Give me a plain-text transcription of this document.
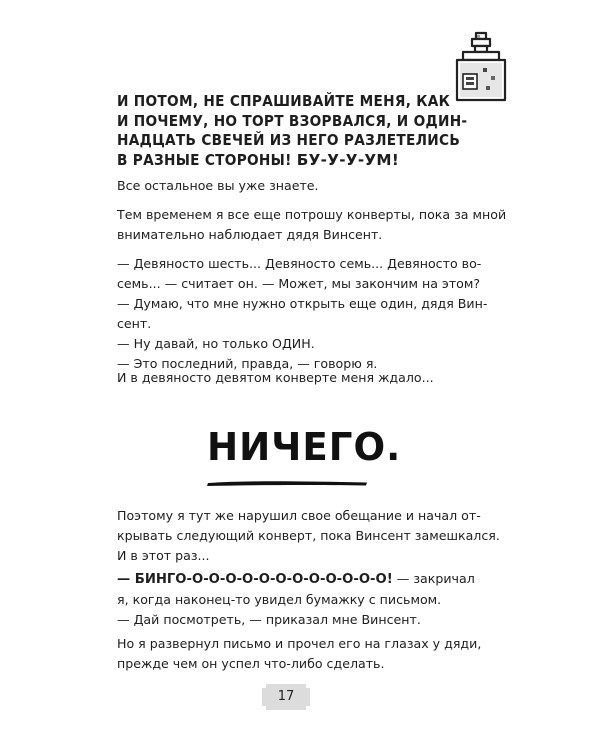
И ПОТОМ, НЕ СПРАШИВАЙТЕ МЕНЯ, КАК
И ПОЧЕМУ, НО ТОРТ ВЗОРВАЛСЯ, И ОДИН-
НАДЦАТЬ СВЕЧЕЙ ИЗ НЕГО РАЗЛЕТЕЛИСЬ
В РАЗНЫЕ СТОРОНЫ! БУ-У-У-УМ!
Все остальное вы уже знаете.
Тем временем я все еще потрошу конверты, пока за мной
внимательно наблюдает дядя Винсент.
— Девяносто шесть... Девяносто семь... Девяносто во-
семь... — считает он. — Может, мы закончим на этом?
— Думаю, что мне нужно открыть еще один, дядя Вин-
сент.
— Ну давай, но только ОДИН.
— Это последний, правда, — говорю я.
И в девяносто девятом конверте меня ждало...
НИЧЕГО.
Поэтому я тут же нарушил свое обещание и начал от-
крывать следующий конверт, пока Винсент замешкался.
И в этот раз...
— БИНГО-О-О-О-О-О-О-О-О-О-О-О-О! — закричал
я, когда наконец-то увидел бумажку с письмом.
— Дай посмотреть, — приказал мне Винсент.
Но я развернул письмо и прочел его на глазах у дяди,
прежде чем он успел что-либо сделать.
17
